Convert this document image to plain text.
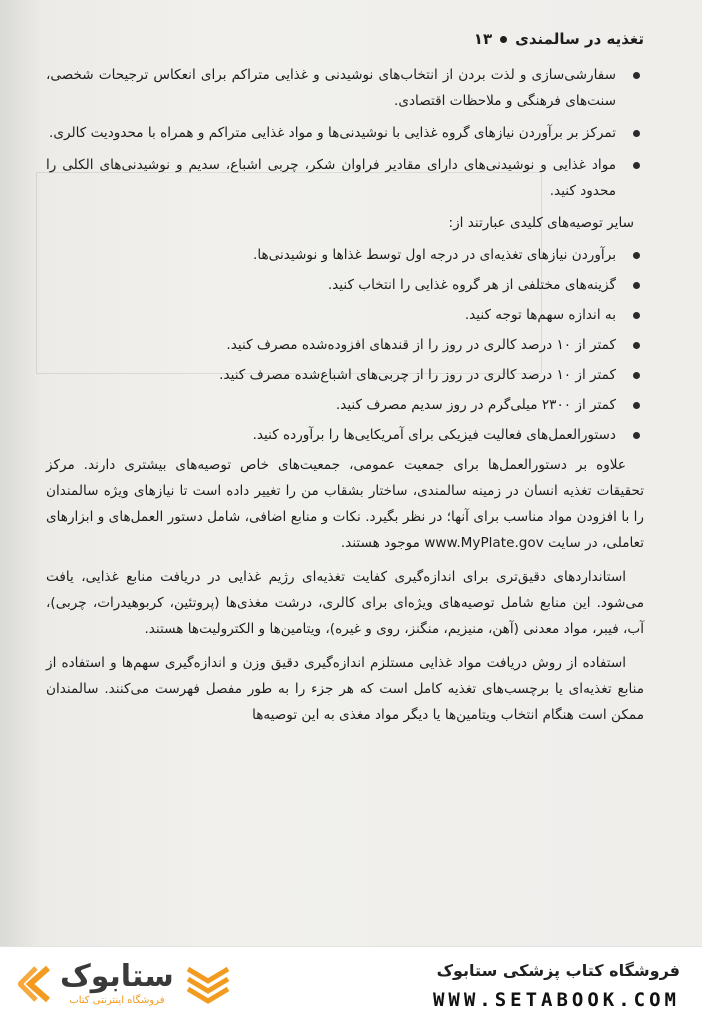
تغذیه در سالمندی
۱۳
سفارشی‌سازی و لذت بردن از انتخاب‌های نوشیدنی و غذایی متراکم برای انعکاس ترجیحات شخصی، سنت‌های فرهنگی و ملاحظات اقتصادی.
تمرکز بر برآوردن نیازهای گروه غذایی با نوشیدنی‌ها و مواد غذایی متراکم و همراه با محدودیت کالری.
مواد غذایی و نوشیدنی‌های دارای مقادیر فراوان شکر، چربی اشباع، سدیم و نوشیدنی‌های الکلی را محدود کنید.

سایر توصیه‌های کلیدی عبارتند از:

برآوردن نیازهای تغذیه‌ای در درجه اول توسط غذاها و نوشیدنی‌ها.
گزینه‌های مختلفی از هر گروه غذایی را انتخاب کنید.
به اندازه سهم‌ها توجه کنید.
کمتر از ۱۰ درصد کالری در روز را از قندهای افزوده‌شده مصرف کنید.
کمتر از ۱۰ درصد کالری در روز را از چربی‌های اشباع‌شده مصرف کنید.
کمتر از ۲۳۰۰ میلی‌گرم در روز سدیم مصرف کنید.
دستورالعمل‌های فعالیت فیزیکی برای آمریکایی‌ها را برآورده کنید.

علاوه بر دستورالعمل‌ها برای جمعیت عمومی، جمعیت‌های خاص توصیه‌های بیشتری دارند. مرکز تحقیقات تغذیه انسان در زمینه سالمندی، ساختار بشقاب من را تغییر داده است تا نیازهای ویژه سالمندان را با افزودن مواد مناسب برای آنها؛ در نظر بگیرد. نکات و منابع اضافی، شامل دستور العمل‌های و ابزارهای تعاملی، در سایت www.MyPlate.gov موجود هستند.

استانداردهای دقیق‌تری برای اندازه‌گیری کفایت تغذیه‌ای رژیم غذایی در دریافت منابع غذایی، یافت می‌شود. این منابع شامل توصیه‌های ویژه‌ای برای کالری، درشت مغذی‌ها (پروتئین، کربوهیدرات، چربی)، آب، فیبر، مواد معدنی (آهن، منیزیم، منگنز، روی و غیره)، ویتامین‌ها و الکترولیت‌ها هستند.

استفاده از روش دریافت مواد غذایی مستلزم اندازه‌گیری دقیق وزن و اندازه‌گیری سهم‌ها و استفاده از منابع تغذیه‌ای یا برچسب‌های تغذیه کامل است که هر جزء را به طور مفصل فهرست می‌کنند. سالمندان ممکن است هنگام انتخاب ویتامین‌ها یا دیگر مواد مغذی به این توصیه‌ها

ستابوک
فروشگاه اینترنتی کتاب
فروشگاه کتاب پزشکی ستابوک
WWW.SETABOOK.COM
